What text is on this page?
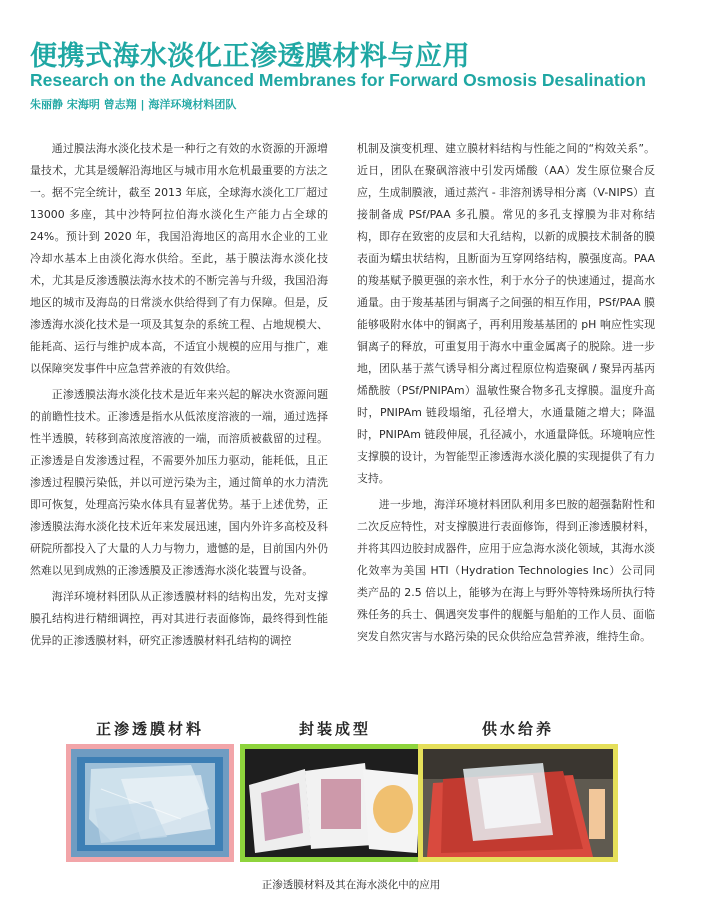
便携式海水淡化正渗透膜材料与应用
Research on the Advanced Membranes for Forward Osmosis Desalination
朱丽静 宋海明 曾志翔 | 海洋环境材料团队

通过膜法海水淡化技术是一种行之有效的水资源的开源增量技术，尤其是缓解沿海地区与城市用水危机最重要的方法之一。据不完全统计，截至 2013 年底，全球海水淡化工厂超过 13000 多座，其中沙特阿拉伯海水淡化生产能力占全球的 24%。预计到 2020 年，我国沿海地区的高用水企业的工业冷却水基本上由淡化海水供给。至此，基于膜法海水淡化技术，尤其是反渗透膜法海水技术的不断完善与升级，我国沿海地区的城市及海岛的日常淡水供给得到了有力保障。但是，反渗透海水淡化技术是一项及其复杂的系统工程、占地规模大、能耗高、运行与维护成本高，不适宜小规模的应用与推广，难以保障突发事件中应急营养液的有效供给。

正渗透膜法海水淡化技术是近年来兴起的解决水资源问题的前瞻性技术。正渗透是指水从低浓度溶液的一端，通过选择性半透膜，转移到高浓度溶液的一端，而溶质被截留的过程。正渗透是自发渗透过程，不需要外加压力驱动，能耗低，且正渗透过程膜污染低，并以可逆污染为主，通过简单的水力清洗即可恢复，处理高污染水体具有显著优势。基于上述优势，正渗透膜法海水淡化技术近年来发展迅速，国内外许多高校及科研院所都投入了大量的人力与物力，遗憾的是，目前国内外仍然难以见到成熟的正渗透膜及正渗透海水淡化装置与设备。

海洋环境材料团队从正渗透膜材料的结构出发，先对支撑膜孔结构进行精细调控，再对其进行表面修饰，最终得到性能优异的正渗透膜材料，研究正渗透膜材料孔结构的调控

机制及演变机理、建立膜材料结构与性能之间的“构效关系”。近日，团队在聚砜溶液中引发丙烯酸（AA）发生原位聚合反应，生成制膜液，通过蒸汽 - 非溶剂诱导相分离（V-NIPS）直接制备成 PSf/PAA 多孔膜。常见的多孔支撑膜为非对称结构，即存在致密的皮层和大孔结构，以新的成膜技术制备的膜表面为蠕虫状结构，且断面为互穿网络结构，膜强度高。PAA 的羧基赋予膜更强的亲水性，利于水分子的快速通过，提高水通量。由于羧基基团与铜离子之间强的相互作用，PSf/PAA 膜能够吸附水体中的铜离子，再利用羧基基团的 pH 响应性实现铜离子的释放，可重复用于海水中重金属离子的脱除。进一步地，团队基于蒸气诱导相分离过程原位构造聚砜 / 聚异丙基丙烯酰胺（PSf/PNIPAm）温敏性聚合物多孔支撑膜。温度升高时，PNIPAm 链段塌缩，孔径增大，水通量随之增大；降温时，PNIPAm 链段伸展，孔径减小，水通量降低。环境响应性支撑膜的设计，为智能型正渗透海水淡化膜的实现提供了有力支持。

进一步地，海洋环境材料团队利用多巴胺的超强黏附性和二次反应特性，对支撑膜进行表面修饰，得到正渗透膜材料，并将其四边胶封成器件，应用于应急海水淡化领域，其海水淡化效率为美国 HTI（Hydration Technologies Inc）公司同类产品的 2.5 倍以上，能够为在海上与野外等特殊场所执行特殊任务的兵士、偶遇突发事件的舰艇与船舶的工作人员、面临突发自然灾害与水路污染的民众供给应急营养液，维持生命。

正渗透膜材料	封装成型	供水给养
正渗透膜材料及其在海水淡化中的应用
